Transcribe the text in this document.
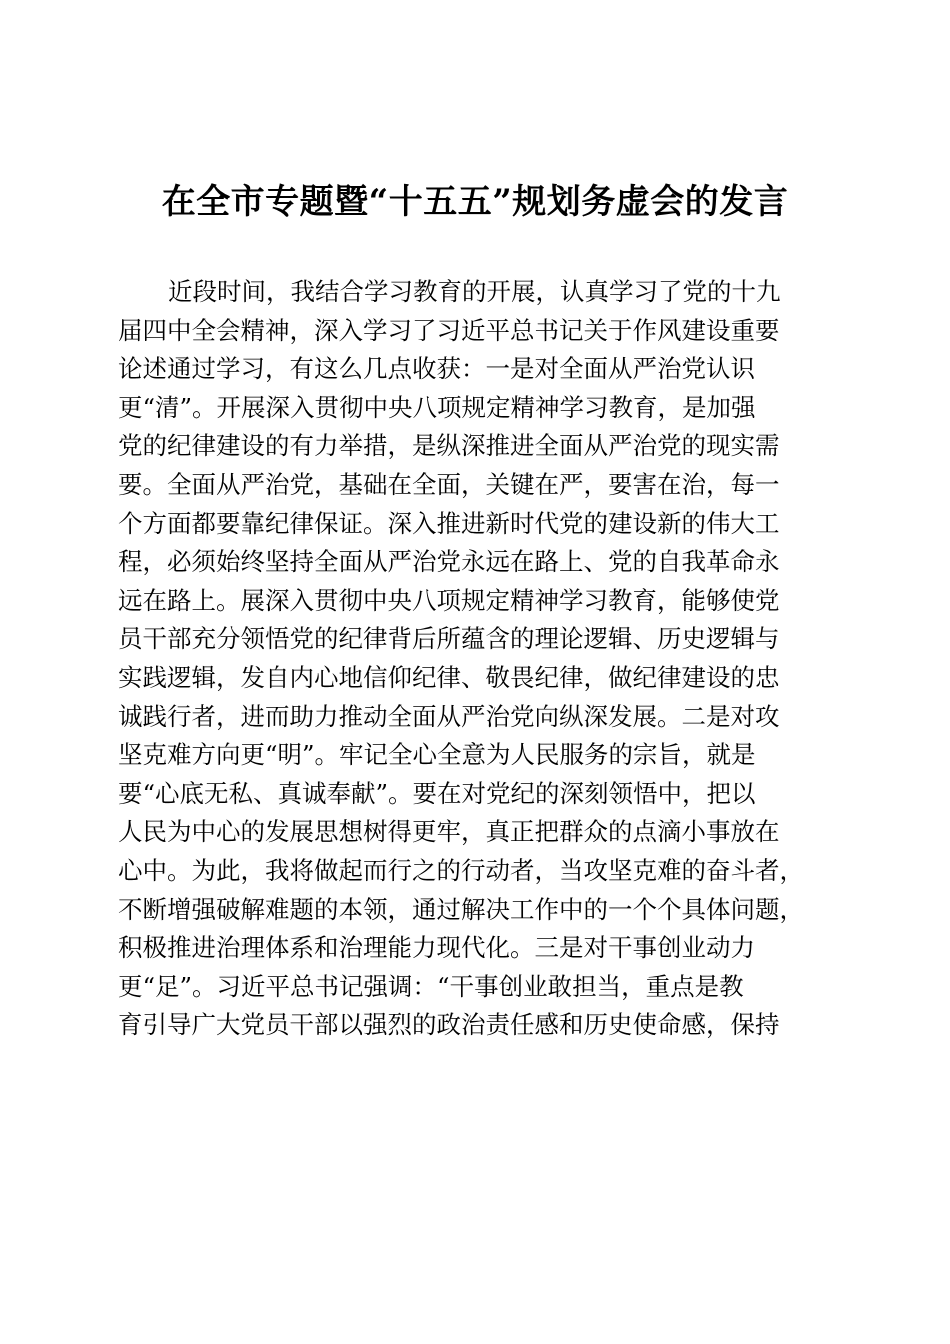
在全市专题暨“十五五”规划务虚会的发言
近段时间，我结合学习教育的开展，认真学习了党的十九
届四中全会精神，深入学习了习近平总书记关于作风建设重要
论述通过学习，有这么几点收获：一是对全面从严治党认识
更“清”。开展深入贯彻中央八项规定精神学习教育，是加强
党的纪律建设的有力举措，是纵深推进全面从严治党的现实需
要。全面从严治党，基础在全面，关键在严，要害在治，每一
个方面都要靠纪律保证。深入推进新时代党的建设新的伟大工
程，必须始终坚持全面从严治党永远在路上、党的自我革命永
远在路上。展深入贯彻中央八项规定精神学习教育，能够使党
员干部充分领悟党的纪律背后所蕴含的理论逻辑、历史逻辑与
实践逻辑，发自内心地信仰纪律、敬畏纪律，做纪律建设的忠
诚践行者，进而助力推动全面从严治党向纵深发展。二是对攻
坚克难方向更“明”。牢记全心全意为人民服务的宗旨，就是
要“心底无私、真诚奉献”。要在对党纪的深刻领悟中，把以
人民为中心的发展思想树得更牢，真正把群众的点滴小事放在
心中。为此，我将做起而行之的行动者，当攻坚克难的奋斗者，
不断增强破解难题的本领，通过解决工作中的一个个具体问题，
积极推进治理体系和治理能力现代化。三是对干事创业动力
更“足”。习近平总书记强调：“干事创业敢担当，重点是教
育引导广大党员干部以强烈的政治责任感和历史使命感，保持
